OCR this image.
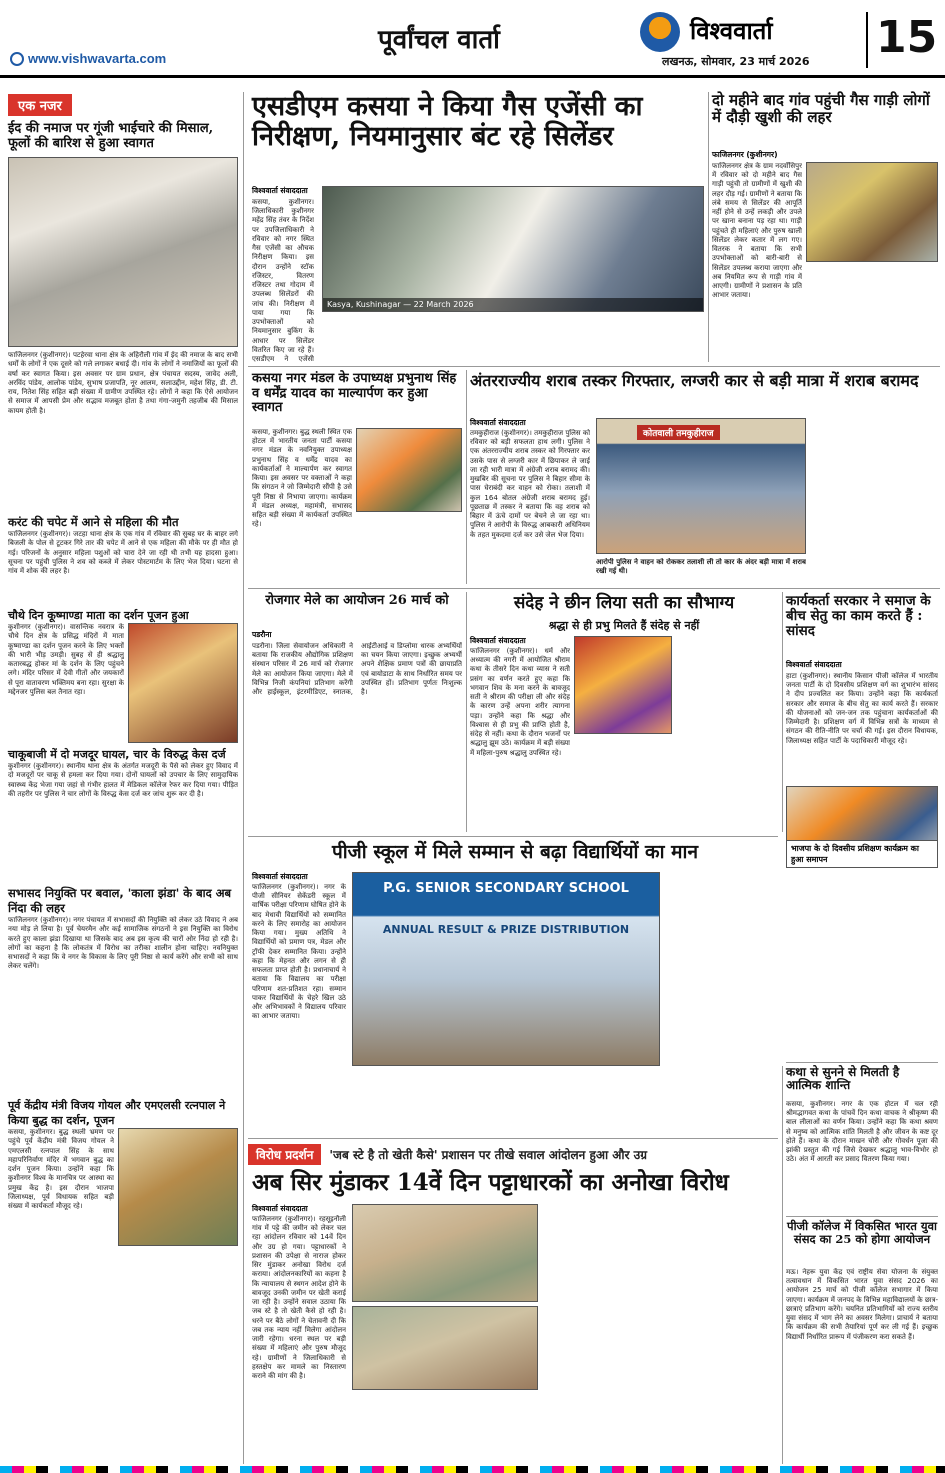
www.vishwavarta.com
पूर्वांचल वार्ता	विश्ववार्ता
लखनऊ, सोमवार, 23 मार्च 2026 15
एक नजर
ईद की नमाज पर गूंजी भाईचारे की मिसाल, फूलों की बारिश से हुआ स्वागत
फाजिलनगर (कुशीनगर)। पटहेरवा थाना क्षेत्र के अहिरौली गांव में ईद की नमाज के बाद सभी धर्मों के लोगों ने एक दूसरे को गले लगाकर बधाई दी। गांव के लोगों ने नमाजियों का फूलों की वर्षा कर स्वागत किया। इस अवसर पर ग्राम प्रधान, क्षेत्र पंचायत सदस्य, जावेद अली, अरविंद पांडेय, आलोक पांडेय, सुभाष प्रजापति, नूर आलम, सलाउद्दीन, महेश सिंह, डी. टी. राय, नितेश सिंह सहित बड़ी संख्या में ग्रामीण उपस्थित रहे। लोगों ने कहा कि ऐसे आयोजन से समाज में आपसी प्रेम और सद्भाव मजबूत होता है तथा गंगा-जमुनी तहजीब की मिसाल कायम होती है।
करंट की चपेट में आने से महिला की मौत
फाजिलनगर (कुशीनगर)। जटहा थाना क्षेत्र के एक गांव में रविवार की सुबह घर के बाहर लगे बिजली के पोल से टूटकर गिरे तार की चपेट में आने से एक महिला की मौके पर ही मौत हो गई। परिजनों के अनुसार महिला पशुओं को चारा देने जा रही थी तभी यह हादसा हुआ। सूचना पर पहुंची पुलिस ने शव को कब्जे में लेकर पोस्टमार्टम के लिए भेज दिया। घटना से गांव में शोक की लहर है।
चौथे दिन कूष्माण्डा माता का दर्शन पूजन हुआ
कुशीनगर (कुशीनगर)। वासन्तिक नवरात्र के चौथे दिन क्षेत्र के प्रसिद्ध मंदिरों में माता कूष्माण्डा का दर्शन पूजन करने के लिए भक्तों की भारी भीड़ उमड़ी। सुबह से ही श्रद्धालु कतारबद्ध होकर मां के दर्शन के लिए पहुंचने लगे। मंदिर परिसर में देवी गीतों और जयकारों से पूरा वातावरण भक्तिमय बना रहा। सुरक्षा के मद्देनजर पुलिस बल तैनात रहा।
चाकूबाजी में दो मजदूर घायल, चार के विरुद्ध केस दर्ज
कुशीनगर (कुशीनगर)। स्थानीय थाना क्षेत्र के अंतर्गत मजदूरी के पैसे को लेकर हुए विवाद में दो मजदूरों पर चाकू से हमला कर दिया गया। दोनों घायलों को उपचार के लिए सामुदायिक स्वास्थ्य केंद्र भेजा गया जहां से गंभीर हालत में मेडिकल कॉलेज रेफर कर दिया गया। पीड़ित की तहरीर पर पुलिस ने चार लोगों के विरुद्ध केस दर्ज कर जांच शुरू कर दी है।
सभासद नियुक्ति पर बवाल, 'काला झंडा' के बाद अब निंदा की लहर
फाजिलनगर (कुशीनगर)। नगर पंचायत में सभासदों की नियुक्ति को लेकर उठे विवाद ने अब नया मोड़ ले लिया है। पूर्व चेयरमैन और कई सामाजिक संगठनों ने इस नियुक्ति का विरोध करते हुए काला झंडा दिखाया था जिसके बाद अब इस कृत्य की चारों ओर निंदा हो रही है। लोगों का कहना है कि लोकतंत्र में विरोध का तरीका शालीन होना चाहिए। नवनियुक्त सभासदों ने कहा कि वे नगर के विकास के लिए पूरी निष्ठा से कार्य करेंगे और सभी को साथ लेकर चलेंगे।
पूर्व केंद्रीय मंत्री विजय गोयल और एमएलसी रत्नपाल ने किया बुद्ध का दर्शन, पूजन
कसया, कुशीनगर। बुद्ध स्थली भ्रमण पर पहुंचे पूर्व केंद्रीय मंत्री विजय गोयल ने एमएलसी रत्नपाल सिंह के साथ महापरिनिर्वाण मंदिर में भगवान बुद्ध का दर्शन पूजन किया। उन्होंने कहा कि कुशीनगर विश्व के मानचित्र पर आस्था का प्रमुख केंद्र है। इस दौरान भाजपा जिलाध्यक्ष, पूर्व विधायक सहित बड़ी संख्या में कार्यकर्ता मौजूद रहे।
एसडीएम कसया ने किया गैस एजेंसी का निरीक्षण, नियमानुसार बंट रहे सिलेंडर
विश्ववार्ता संवाददाता
कसया, कुशीनगर। जिलाधिकारी कुशीनगर महेंद्र सिंह तंवर के निर्देश पर उपजिलाधिकारी ने रविवार को नगर स्थित गैस एजेंसी का औचक निरीक्षण किया। इस दौरान उन्होंने स्टॉक रजिस्टर, वितरण रजिस्टर तथा गोदाम में उपलब्ध सिलेंडरों की जांच की। निरीक्षण में पाया गया कि उपभोक्ताओं को नियमानुसार बुकिंग के आधार पर सिलेंडर वितरित किए जा रहे हैं। एसडीएम ने एजेंसी
Kasya, Kushinagar — 22 March 2026
दो महीने बाद गांव पहुंची गैस गाड़ी लोगों में दौड़ी खुशी की लहर
फाजिलनगर (कुशीनगर)
फाजिलनगर क्षेत्र के ग्राम नदवाँसिपुर में रविवार को दो महीने बाद गैस गाड़ी पहुंची तो ग्रामीणों में खुशी की लहर दौड़ गई। ग्रामीणों ने बताया कि लंबे समय से सिलेंडर की आपूर्ति नहीं होने से उन्हें लकड़ी और उपले पर खाना बनाना पड़ रहा था। गाड़ी पहुंचते ही महिलाएं और पुरुष खाली सिलेंडर लेकर कतार में लग गए। वितरक ने बताया कि सभी उपभोक्ताओं को बारी-बारी से सिलेंडर उपलब्ध कराया जाएगा और अब नियमित रूप से गाड़ी गांव में आएगी। ग्रामीणों ने प्रशासन के प्रति आभार जताया।
कसया नगर मंडल के उपाध्यक्ष प्रभुनाथ सिंह व धर्मेंद्र यादव का माल्यार्पण कर हुआ स्वागत
कसया, कुशीनगर। बुद्ध स्थली स्थित एक होटल में भारतीय जनता पार्टी कसया नगर मंडल के नवनियुक्त उपाध्यक्ष प्रभुनाथ सिंह व धर्मेंद्र यादव का कार्यकर्ताओं ने माल्यार्पण कर स्वागत किया। इस अवसर पर वक्ताओं ने कहा कि संगठन ने जो जिम्मेदारी सौंपी है उसे पूरी निष्ठा से निभाया जाएगा। कार्यक्रम में मंडल अध्यक्ष, महामंत्री, सभासद सहित बड़ी संख्या में कार्यकर्ता उपस्थित रहे।
अंतरराज्यीय शराब तस्कर गिरफ्तार, लग्जरी कार से बड़ी मात्रा में शराब बरामद
विश्ववार्ता संवाददाता
तमकुहीराज (कुशीनगर)। तमकुहीराज पुलिस को रविवार को बड़ी सफलता हाथ लगी। पुलिस ने एक अंतरराज्यीय शराब तस्कर को गिरफ्तार कर उसके पास से लग्जरी कार में छिपाकर ले जाई जा रही भारी मात्रा में अंग्रेजी शराब बरामद की। मुखबिर की सूचना पर पुलिस ने बिहार सीमा के पास घेराबंदी कर वाहन को रोका। तलाशी में कुल 164 बोतल अंग्रेजी शराब बरामद हुई। पूछताछ में तस्कर ने बताया कि वह शराब को बिहार में ऊंचे दामों पर बेचने ले जा रहा था। पुलिस ने आरोपी के विरुद्ध आबकारी अधिनियम के तहत मुकदमा दर्ज कर उसे जेल भेज दिया।
कोतवाली तमकुहीराज
आरोपी पुलिस ने वाहन को रोककर तलाशी ली तो कार के अंदर बड़ी मात्रा में शराब रखी गई थी।
रोजगार मेले का आयोजन 26 मार्च को
पडरौना
पडरौना। जिला सेवायोजन अधिकारी ने बताया कि राजकीय औद्योगिक प्रशिक्षण संस्थान परिसर में 26 मार्च को रोजगार मेले का आयोजन किया जाएगा। मेले में विभिन्न निजी कंपनियां प्रतिभाग करेंगी और हाईस्कूल, इंटरमीडिएट, स्नातक, आईटीआई व डिप्लोमा धारक अभ्यर्थियों का चयन किया जाएगा। इच्छुक अभ्यर्थी अपने शैक्षिक प्रमाण पत्रों की छायाप्रति एवं बायोडाटा के साथ निर्धारित समय पर उपस्थित हों। प्रतिभाग पूर्णतः निःशुल्क है।
संदेह ने छीन लिया सती का सौभाग्य
श्रद्धा से ही प्रभु मिलते हैं संदेह से नहीं
विश्ववार्ता संवाददाता
फाजिलनगर (कुशीनगर)। धर्म और अध्यात्म की नगरी में आयोजित श्रीराम कथा के तीसरे दिन कथा व्यास ने सती प्रसंग का वर्णन करते हुए कहा कि भगवान शिव के मना करने के बावजूद सती ने श्रीराम की परीक्षा ली और संदेह के कारण उन्हें अपना शरीर त्यागना पड़ा। उन्होंने कहा कि श्रद्धा और विश्वास से ही प्रभु की प्राप्ति होती है, संदेह से नहीं। कथा के दौरान भजनों पर श्रद्धालु झूम उठे। कार्यक्रम में बड़ी संख्या में महिला-पुरुष श्रद्धालु उपस्थित रहे।
कार्यकर्ता सरकार ने समाज के बीच सेतु का काम करते हैं : सांसद
विश्ववार्ता संवाददाता
हाटा (कुशीनगर)। स्थानीय किसान पीजी कॉलेज में भारतीय जनता पार्टी के दो दिवसीय प्रशिक्षण वर्ग का शुभारंभ सांसद ने दीप प्रज्वलित कर किया। उन्होंने कहा कि कार्यकर्ता सरकार और समाज के बीच सेतु का कार्य करते हैं। सरकार की योजनाओं को जन-जन तक पहुंचाना कार्यकर्ताओं की जिम्मेदारी है। प्रशिक्षण वर्ग में विभिन्न सत्रों के माध्यम से संगठन की रीति-नीति पर चर्चा की गई। इस दौरान विधायक, जिलाध्यक्ष सहित पार्टी के पदाधिकारी मौजूद रहे।
भाजपा के दो दिवसीय प्रशिक्षण कार्यक्रम का हुआ समापन
पीजी स्कूल में मिले सम्मान से बढ़ा विद्यार्थियों का मान
विश्ववार्ता संवाददाता
फाजिलनगर (कुशीनगर)। नगर के पीजी सीनियर सेकेंडरी स्कूल में वार्षिक परीक्षा परिणाम घोषित होने के बाद मेधावी विद्यार्थियों को सम्मानित करने के लिए समारोह का आयोजन किया गया। मुख्य अतिथि ने विद्यार्थियों को प्रमाण पत्र, मेडल और ट्रॉफी देकर सम्मानित किया। उन्होंने कहा कि मेहनत और लगन से ही सफलता प्राप्त होती है। प्रधानाचार्य ने बताया कि विद्यालय का परीक्षा परिणाम शत-प्रतिशत रहा। सम्मान पाकर विद्यार्थियों के चेहरे खिल उठे और अभिभावकों ने विद्यालय परिवार का आभार जताया।
P.G. SENIOR SECONDARY SCHOOL
ANNUAL RESULT & PRIZE DISTRIBUTION
कथा से सुनने से मिलती है आत्मिक शान्ति
कसया, कुशीनगर। नगर के एक होटल में चल रही श्रीमद्भागवत कथा के पांचवें दिन कथा वाचक ने श्रीकृष्ण की बाल लीलाओं का वर्णन किया। उन्होंने कहा कि कथा श्रवण से मनुष्य को आत्मिक शांति मिलती है और जीवन के कष्ट दूर होते हैं। कथा के दौरान माखन चोरी और गोवर्धन पूजा की झांकी प्रस्तुत की गई जिसे देखकर श्रद्धालु भाव-विभोर हो उठे। अंत में आरती कर प्रसाद वितरण किया गया।
विरोध प्रदर्शन	'जब स्टे है तो खेती कैसे' प्रशासन पर तीखे सवाल आंदोलन हुआ और उग्र
अब सिर मुंडाकर 14वें दिन पट्टाधारकों का अनोखा विरोध
विश्ववार्ता संवाददाता
फाजिलनगर (कुशीनगर)। रहसूइनौली गांव में पट्टे की जमीन को लेकर चल रहा आंदोलन रविवार को 14वें दिन और उग्र हो गया। पट्टाधारकों ने प्रशासन की उपेक्षा से नाराज होकर सिर मुंडाकर अनोखा विरोध दर्ज कराया। आंदोलनकारियों का कहना है कि न्यायालय से स्थगन आदेश होने के बावजूद उनकी जमीन पर खेती कराई जा रही है। उन्होंने सवाल उठाया कि जब स्टे है तो खेती कैसे हो रही है। धरने पर बैठे लोगों ने चेतावनी दी कि जब तक न्याय नहीं मिलेगा आंदोलन जारी रहेगा। धरना स्थल पर बड़ी संख्या में महिलाएं और पुरुष मौजूद रहे। ग्रामीणों ने जिलाधिकारी से हस्तक्षेप कर मामले का निस्तारण कराने की मांग की है।
पीजी कॉलेज में विकसित भारत युवा संसद का 25 को होगा आयोजन
मऊ। नेहरू युवा केंद्र एवं राष्ट्रीय सेवा योजना के संयुक्त तत्वावधान में विकसित भारत युवा संसद 2026 का आयोजन 25 मार्च को पीजी कॉलेज सभागार में किया जाएगा। कार्यक्रम में जनपद के विभिन्न महाविद्यालयों के छात्र-छात्राएं प्रतिभाग करेंगे। चयनित प्रतिभागियों को राज्य स्तरीय युवा संसद में भाग लेने का अवसर मिलेगा। प्राचार्य ने बताया कि कार्यक्रम की सभी तैयारियां पूर्ण कर ली गई हैं। इच्छुक विद्यार्थी निर्धारित प्रारूप में पंजीकरण करा सकते हैं।
